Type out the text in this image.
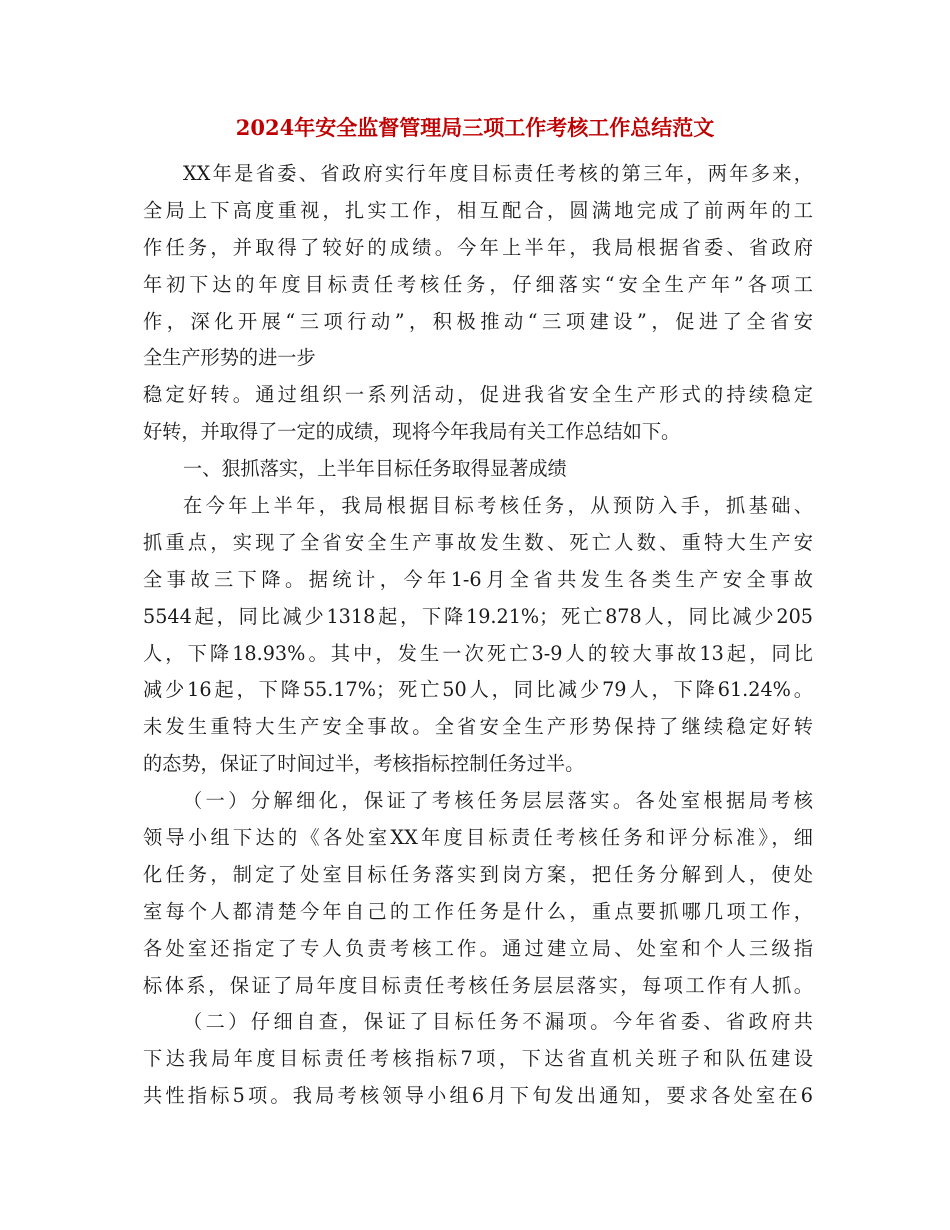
2024年安全监督管理局三项工作考核工作总结范文
XX年是省委、省政府实行年度目标责任考核的第三年，两年多来，
全局上下高度重视，扎实工作，相互配合，圆满地完成了前两年的工
作任务，并取得了较好的成绩。今年上半年，我局根据省委、省政府
年初下达的年度目标责任考核任务，仔细落实“安全生产年”各项工
作，深化开展“三项行动”，积极推动“三项建设”，促进了全省安
全生产形势的进一步
稳定好转。通过组织一系列活动，促进我省安全生产形式的持续稳定
好转，并取得了一定的成绩，现将今年我局有关工作总结如下。
一、狠抓落实，上半年目标任务取得显著成绩
在今年上半年，我局根据目标考核任务，从预防入手，抓基础、
抓重点，实现了全省安全生产事故发生数、死亡人数、重特大生产安
全事故三下降。据统计，今年1-6月全省共发生各类生产安全事故
5544起，同比减少1318起，下降19.21%；死亡878人，同比减少205
人，下降18.93%。其中，发生一次死亡3-9人的较大事故13起，同比
减少16起，下降55.17%；死亡50人，同比减少79人，下降61.24%。
未发生重特大生产安全事故。全省安全生产形势保持了继续稳定好转
的态势，保证了时间过半，考核指标控制任务过半。
（一）分解细化，保证了考核任务层层落实。各处室根据局考核
领导小组下达的《各处室XX年度目标责任考核任务和评分标准》，细
化任务，制定了处室目标任务落实到岗方案，把任务分解到人，使处
室每个人都清楚今年自己的工作任务是什么，重点要抓哪几项工作，
各处室还指定了专人负责考核工作。通过建立局、处室和个人三级指
标体系，保证了局年度目标责任考核任务层层落实，每项工作有人抓。
（二）仔细自查，保证了目标任务不漏项。今年省委、省政府共
下达我局年度目标责任考核指标7项，下达省直机关班子和队伍建设
共性指标5项。我局考核领导小组6月下旬发出通知，要求各处室在6
